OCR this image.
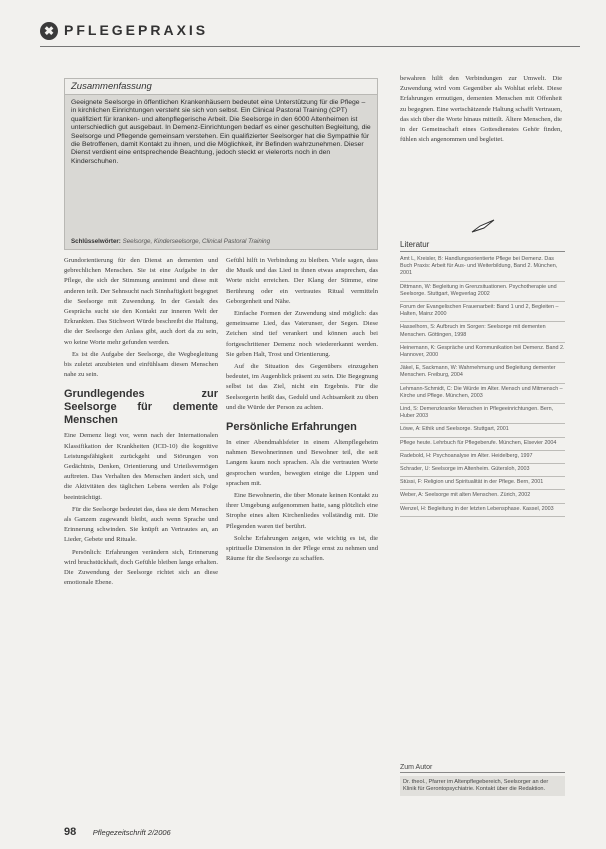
✖ PFLEGEPRAXIS
Zusammenfassung
Geeignete Seelsorge in öffentlichen Krankenhäusern bedeutet eine Unterstützung für die Pflege – in kirchlichen Einrichtungen versteht sie sich von selbst. Ein Clinical Pastoral Training (CPT) qualifiziert für kranken- und altenpflegerische Arbeit. Die Seelsorge in den 6000 Altenheimen ist unterschiedlich gut ausgebaut. In Demenz-Einrichtungen bedarf es einer geschulten Begleitung, die Seelsorge und Pflegende gemeinsam verstehen. Ein qualifizierter Seelsorger hat die Sympathie für die Betroffenen, damit Kontakt zu ihnen, und die Möglichkeit, ihr Befinden wahrzunehmen. Dieser Dienst verdient eine entsprechende Beachtung, jedoch steckt er vielerorts noch in den Kinderschuhen.
Schlüsselwörter: Seelsorge, Kinderseelsorge, Clinical Pastoral Training

Grundorientierung für den Dienst an dementen und gebrechlichen Menschen. Sie ist eine Aufgabe in der Pflege, die sich der Stimmung annimmt und diese mit anderen teilt. Der Sehnsucht nach Sinnhaftigkeit begegnet die Seelsorge mit Zuwendung. In der Gestalt des Gesprächs sucht sie den Kontakt zur inneren Welt der Erkrankten. Das Stichwort Würde beschreibt die Haltung, die der Seelsorge den Anlass gibt, auch dort da zu sein, wo keine Worte mehr gefunden werden.

Es ist die Aufgabe der Seelsorge, die Wegbegleitung bis zuletzt anzubieten und einfühlsam diesen Menschen nahe zu sein.

Grundlegendes zur Seelsorge für demente Menschen

Eine Demenz liegt vor, wenn nach der Internationalen Klassifikation der Krankheiten (ICD-10) die kognitive Leistungsfähigkeit zurückgeht und Störungen von Gedächtnis, Denken, Orientierung und Urteilsvermögen auftreten. Das Verhalten des Menschen ändert sich, und die Aktivitäten des täglichen Lebens werden als Folge beeinträchtigt.

Für die Seelsorge bedeutet das, dass sie dem Menschen als Ganzem zugewandt bleibt, auch wenn Sprache und Erinnerung schwinden. Sie knüpft an Vertrautes an, an Lieder, Gebete und Rituale.

Persönlich: Erfahrungen verändern sich, Erinnerung wird bruchstückhaft, doch Gefühle bleiben lange erhalten. Die Zuwendung der Seelsorge richtet sich an diese emotionale Ebene.

Gefühl hilft in Verbindung zu bleiben. Viele sagen, dass die Musik und das Lied in ihnen etwas ansprechen, das Worte nicht erreichen. Der Klang der Stimme, eine Berührung oder ein vertrautes Ritual vermitteln Geborgenheit und Nähe.

Einfache Formen der Zuwendung sind möglich: das gemeinsame Lied, das Vaterunser, der Segen. Diese Zeichen sind tief verankert und können auch bei fortgeschrittener Demenz noch wiedererkannt werden. Sie geben Halt, Trost und Orientierung.

Auf die Situation des Gegenübers einzugehen bedeutet, im Augenblick präsent zu sein. Die Begegnung selbst ist das Ziel, nicht ein Ergebnis. Für die Seelsorgerin heißt das, Geduld und Achtsamkeit zu üben und die Würde der Person zu achten.

Persönliche Erfahrungen

In einer Abendmahlsfeier in einem Altenpflegeheim nahmen Bewohnerinnen und Bewohner teil, die seit Langem kaum noch sprachen. Als die vertrauten Worte gesprochen wurden, bewegten einige die Lippen und sprachen mit.

Eine Bewohnerin, die über Monate keinen Kontakt zu ihrer Umgebung aufgenommen hatte, sang plötzlich eine Strophe eines alten Kirchenliedes vollständig mit. Die Pflegenden waren tief berührt.

Solche Erfahrungen zeigen, wie wichtig es ist, die spirituelle Dimension in der Pflege ernst zu nehmen und Räume für die Seelsorge zu schaffen.

bewahren hilft den Verbindungen zur Umwelt. Die Zuwendung wird vom Gegenüber als Wohltat erlebt. Diese Erfahrungen ermutigen, dementen Menschen mit Offenheit zu begegnen. Eine wertschätzende Haltung schafft Vertrauen, das sich über die Worte hinaus mitteilt. Ältere Menschen, die in der Gemeinschaft eines Gottesdienstes Gehör finden, fühlen sich angenommen und begleitet.

Literatur
Amt L, Kreisler, B: Handlungsorientierte Pflege bei Demenz. Das Buch Praxis: Arbeit für Aus- und Weiterbildung, Band 2. München, 2001
Dittmann, W: Begleitung in Grenzsituationen. Psychotherapie und Seelsorge. Stuttgart, Wegverlag 2002
Forum der Evangelischen Frauenarbeit: Band 1 und 2, Begleiten – Halten, Mainz 2000
Hasselhorn, S: Aufbruch im Sorgen: Seelsorge mit dementen Menschen. Göttingen, 1998
Heinemann, K: Gespräche und Kommunikation bei Demenz. Band 2. Hannover, 2000
Jäkel, E, Sackmann, W: Wahrnehmung und Begleitung dementer Menschen. Freiburg, 2004
Lehmann-Schmidt, C: Die Würde im Alter. Mensch und Mitmensch – Kirche und Pflege. München, 2003
Lind, S: Demenzkranke Menschen in Pflegeeinrichtungen. Bern, Huber 2003
Löwe, A: Ethik und Seelsorge. Stuttgart, 2001
Pflege heute. Lehrbuch für Pflegeberufe. München, Elsevier 2004
Radebold, H: Psychoanalyse im Alter. Heidelberg, 1997
Schrader, U: Seelsorge im Altenheim. Gütersloh, 2003
Stüssi, F: Religion und Spiritualität in der Pflege. Bern, 2001
Weber, A: Seelsorge mit alten Menschen. Zürich, 2002
Wenzel, H: Begleitung in der letzten Lebensphase. Kassel, 2003
Zum Autor
Dr. theol., Pfarrer im Altenpflegebereich, Seelsorger an der Klinik für Gerontopsychiatrie. Kontakt über die Redaktion.
98 Pflegezeitschrift 2/2006
